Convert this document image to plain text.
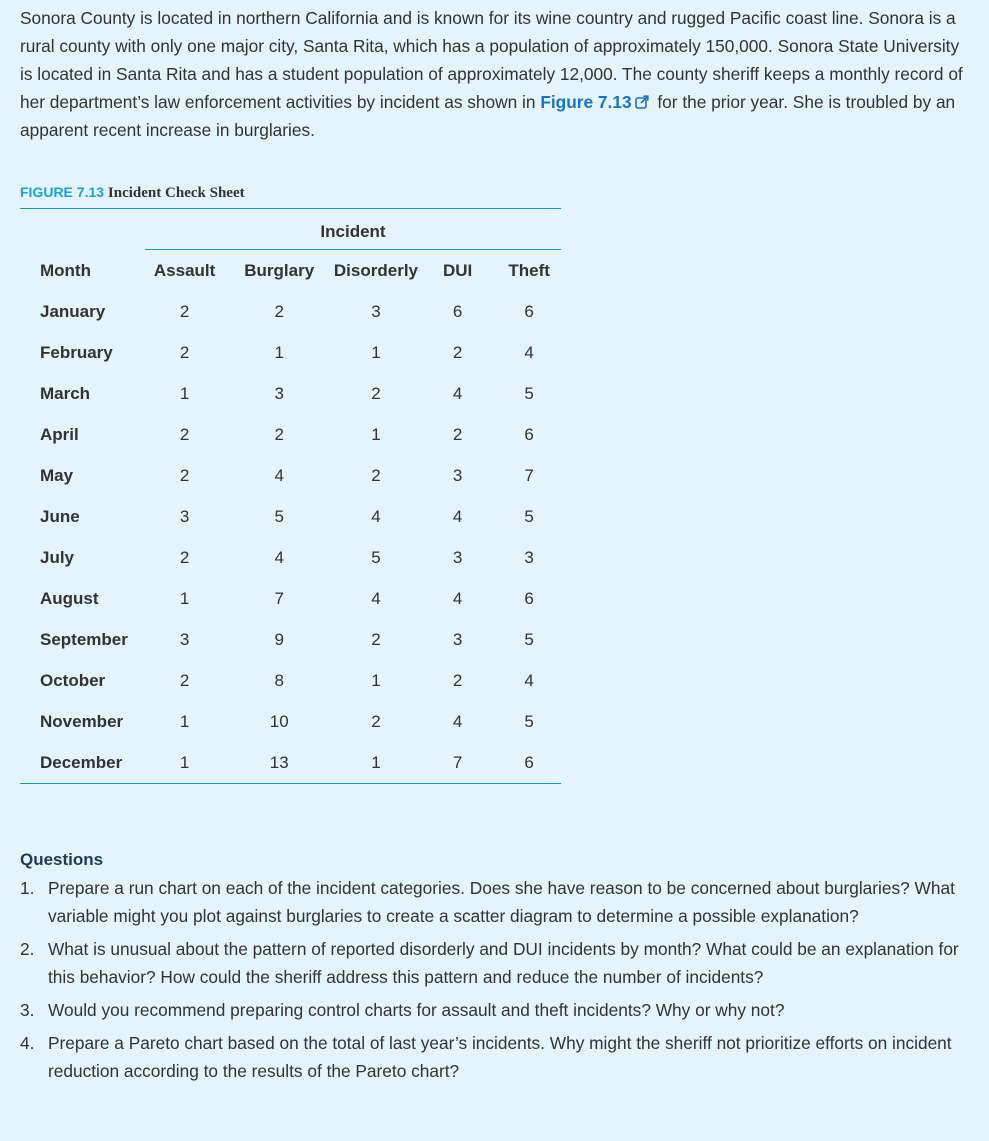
Sonora County is located in northern California and is known for its wine country and rugged Pacific coast line. Sonora is a rural county with only one major city, Santa Rita, which has a population of approximately 150,000. Sonora State University is located in Santa Rita and has a student population of approximately 12,000. The county sheriff keeps a monthly record of her department’s law enforcement activities by incident as shown in Figure 7.13 for the prior year. She is troubled by an apparent recent increase in burglaries.

FIGURE 7.13 Incident Check Sheet
Incident
Month	Assault	Burglary	Disorderly	DUI	Theft
January	2	2	3	6	6
February	2	1	1	2	4
March	1	3	2	4	5
April	2	2	1	2	6
May	2	4	2	3	7
June	3	5	4	4	5
July	2	4	5	3	3
August	1	7	4	4	6
September	3	9	2	3	5
October	2	8	1	2	4
November	1	10	2	4	5
December	1	13	1	7	6
Questions
1. Prepare a run chart on each of the incident categories. Does she have reason to be concerned about burglaries? What variable might you plot against burglaries to create a scatter diagram to determine a possible explanation?
2. What is unusual about the pattern of reported disorderly and DUI incidents by month? What could be an explanation for this behavior? How could the sheriff address this pattern and reduce the number of incidents?
3. Would you recommend preparing control charts for assault and theft incidents? Why or why not?
4. Prepare a Pareto chart based on the total of last year’s incidents. Why might the sheriff not prioritize efforts on incident reduction according to the results of the Pareto chart?
